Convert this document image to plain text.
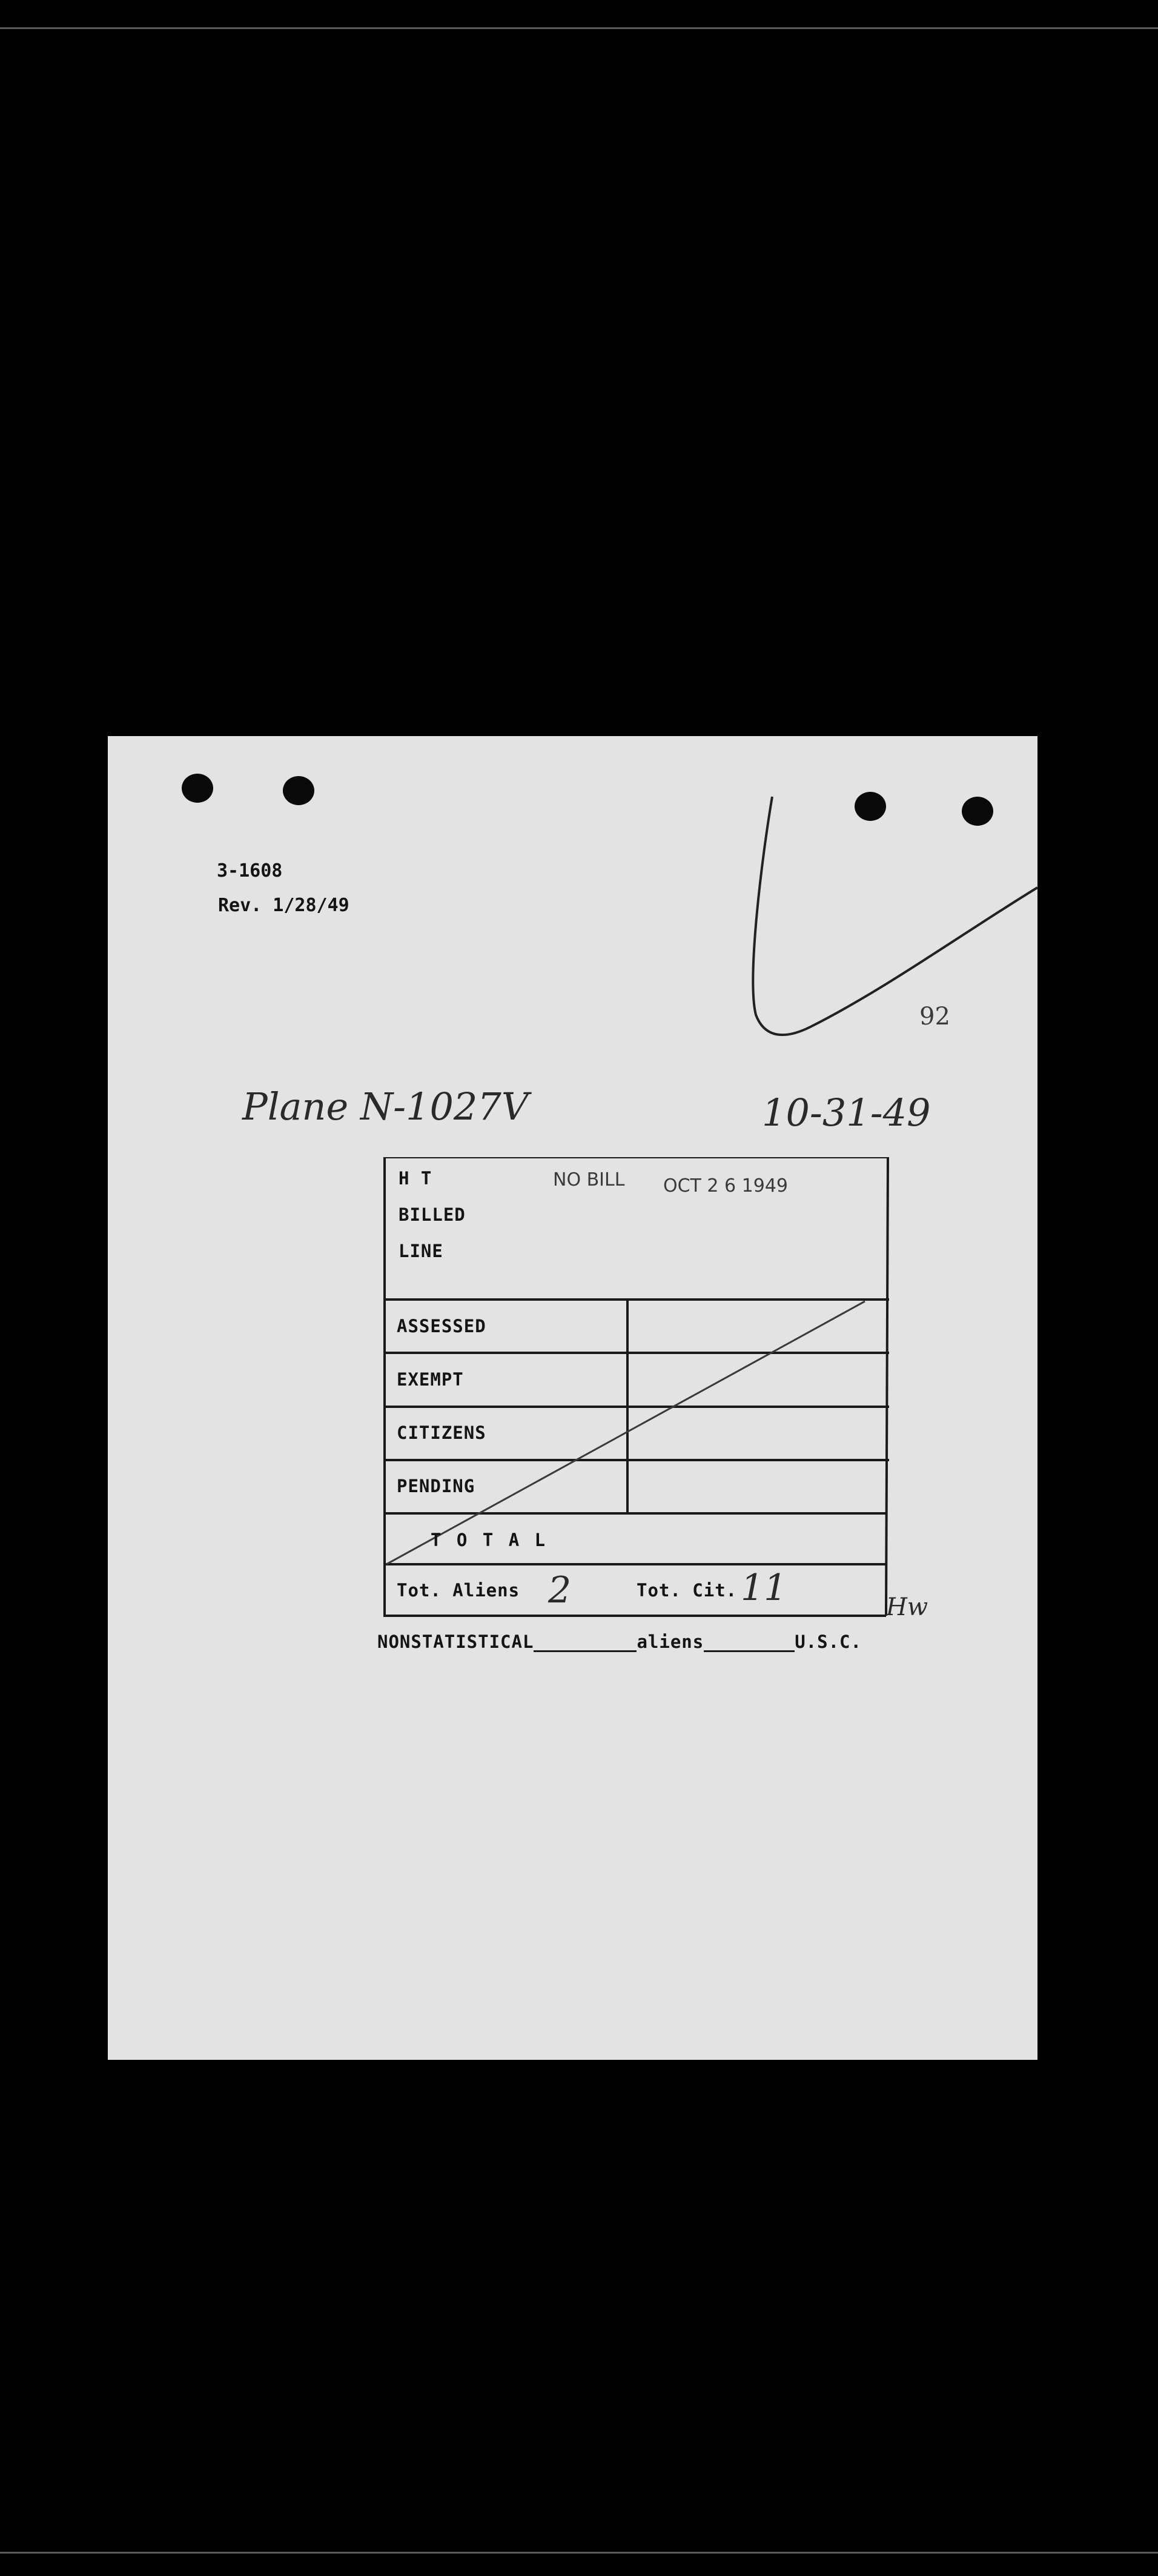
3-1608
Rev. 1/28/49
92
Plane N-1027V	10-31-49
H T	NO BILL OCT 2 6 1949
BILLED
LINE
ASSESSED
EXEMPT
CITIZENS
PENDING
T O T A L
Tot. Aliens 2	Tot. Cit. 11	Hw
NONSTATISTICAL	aliens	U.S.C.
